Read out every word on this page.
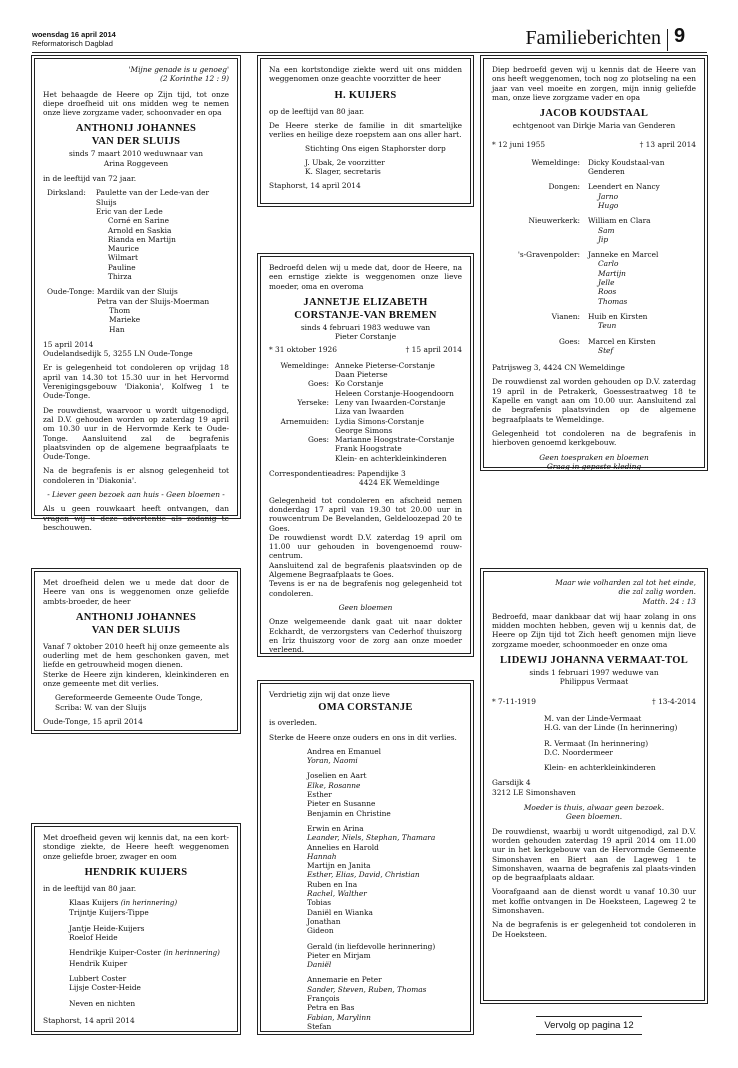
woensdag 16 april 2014
Reformatorisch Dagblad	Familieberichten 9
'Mijne genade is u genoeg'
(2 Korinthe 12 : 9)

Het behaagde de Heere op Zijn tijd, tot onze diepe droefheid uit ons midden weg te nemen onze lieve zorgzame vader, schoonvader en opa

ANTHONIJ JOHANNES
VAN DER SLUIJS
sinds 7 maart 2010 weduwnaar van
Arina Roggeveen

in de leeftijd van 72 jaar.

Dirksland:	Paulette van der Lede-van der Sluijs
Eric van der Lede
Corné en Sarine
Arnold en Saskia
Rianda en Martijn
Maurice
Wilmart
Pauline
Thirza
Oude-Tonge: Mardik van der Sluijs
Petra van der Sluijs-Moerman
Thom
Marieke
Han
15 april 2014

Oudelandsedijk 5, 3255 LN Oude-Tonge

Er is gelegenheid tot condoleren op vrijdag 18 april van 14.30 tot 15.30 uur in het Hervormd Verenigingsgebouw 'Diakonia', Kolfweg 1 te Oude-Tonge.

De rouwdienst, waarvoor u wordt uitgenodigd, zal D.V. gehouden worden op zaterdag 19 april om 10.30 uur in de Hervormde Kerk te Oude-Tonge. Aansluitend zal de begrafenis plaatsvinden op de algemene begraafplaats te Oude-Tonge.

Na de begrafenis is er alsnog gelegenheid tot condoleren in 'Diakonia'.

- Liever geen bezoek aan huis - Geen bloemen -

Als u geen rouwkaart heeft ontvangen, dan vragen wij u deze advertentie als zodanig te beschouwen.

Met droefheid delen we u mede dat door de Heere van ons is weggenomen onze geliefde ambts-broeder, de heer

ANTHONIJ JOHANNES
VAN DER SLUIJS

Vanaf 7 oktober 2010 heeft hij onze gemeente als ouderling met de hem geschonken gaven, met liefde en getrouwheid mogen dienen.

Sterke de Heere zijn kinderen, kleinkinderen en onze gemeente met dit verlies.

Gereformeerde Gemeente Oude Tonge,
Scriba: W. van der Sluijs
Oude-Tonge, 15 april 2014

Met droefheid geven wij kennis dat, na een kort-stondige ziekte, de Heere heeft weggenomen onze geliefde broer, zwager en oom

HENDRIK KUIJERS

in de leeftijd van 80 jaar.

Klaas Kuijers (in herinnering)
Trijntje Kuijers-Tippe
Jantje Heide-Kuijers
Roelof Heide
Hendrikje Kuiper-Coster (in herinnering)
Hendrik Kuiper
Lubbert Coster
Lijsje Coster-Heide
Neven en nichten
Staphorst, 14 april 2014

Na een kortstondige ziekte werd uit ons midden weggenomen onze geachte voorzitter de heer

H. KUIJERS

op de leeftijd van 80 jaar.

De Heere sterke de familie in dit smartelijke verlies en heilige deze roepstem aan ons aller hart.

Stichting Ons eigen Staphorster dorp
J. Ubak, 2e voorzitter
K. Slager, secretaris
Staphorst, 14 april 2014

Bedroefd delen wij u mede dat, door de Heere, na een ernstige ziekte is weggenomen onze lieve moeder, oma en overoma

JANNETJE ELIZABETH
CORSTANJE-VAN BREMEN
sinds 4 februari 1983 weduwe van
Pieter Corstanje
* 31 oktober 1926	† 15 april 2014
Wemeldinge: Anneke Pieterse-Corstanje
Daan Pieterse
Goes: Ko Corstanje
Heleen Corstanje-Hoogendoorn
Yerseke: Leny van Iwaarden-Corstanje
Liza van Iwaarden
Arnemuiden: Lydia Simons-Corstanje
George Simons
Goes: Marianne Hoogstrate-Corstanje
Frank Hoogstrate
Klein- en achterkleinkinderen
Correspondentieadres: Papendijke 3
4424 EK Wemeldinge
Gelegenheid tot condoleren en afscheid nemen donderdag 17 april van 19.30 tot 20.00 uur in rouwcentrum De Bevelanden, Geldeloozepad 20 te Goes.
De rouwdienst wordt D.V. zaterdag 19 april om 11.00 uur gehouden in bovengenoemd rouw-centrum.
Aansluitend zal de begrafenis plaatsvinden op de Algemene Begraafplaats te Goes.
Tevens is er na de begrafenis nog gelegenheid tot condoleren.
Geen bloemen
Onze welgemeende dank gaat uit naar dokter Eckhardt, de verzorgsters van Cederhof thuiszorg en Iriz thuiszorg voor de zorg aan onze moeder verleend.

Verdrietig zijn wij dat onze lieve

OMA CORSTANJE

is overleden.

Sterke de Heere onze ouders en ons in dit verlies.

Andrea en Emanuel
Yoran, Naomi
Joselien en Aart
Elke, Rosanne
Esther
Pieter en Susanne
Benjamin en Christine
Erwin en Arina
Leander, Niels, Stephan, Thamara
Annelies en Harold
Hannah
Martijn en Janita
Esther, Elias, David, Christian
Ruben en Ina
Rachel, Walther
Tobias
Daniël en Wianka
Jonathan
Gideon
Gerald (in liefdevolle herinnering)
Pieter en Mirjam
Daniël
Annemarie en Peter
Sander, Steven, Ruben, Thomas
François
Petra en Bas
Fabian, Marylinn
Stefan

Diep bedroefd geven wij u kennis dat de Heere van ons heeft weggenomen, toch nog zo plotseling na een jaar van veel moeite en zorgen, mijn innig geliefde man, onze lieve zorgzame vader en opa

JACOB KOUDSTAAL
echtgenoot van Dirkje Maria van Genderen
* 12 juni 1955	† 13 april 2014
Wemeldinge:	Dicky Koudstaal-van Genderen
Dongen:	Leendert en Nancy
Jarno
Hugo
Nieuwerkerk:	William en Clara
Sam
Jip
's-Gravenpolder:	Janneke en Marcel
Carlo
Martijn
Jelle
Roos
Thomas
Vianen:	Huib en Kirsten
Teun
Goes:	Marcel en Kirsten
Stef

Patrijsweg 3, 4424 CN Wemeldinge

De rouwdienst zal worden gehouden op D.V. zaterdag 19 april in de Petrakerk, Goessestraatweg 18 te Kapelle en vangt aan om 10.00 uur. Aansluitend zal de begrafenis plaatsvinden op de algemene begraafplaats te Wemeldinge.

Gelegenheid tot condoleren na de begrafenis in hierboven genoemd kerkgebouw.

Geen toespraken en bloemen
Graag in gepaste kleding
Maar wie volharden zal tot het einde,
die zal zalig worden.
Matth. 24 : 13

Bedroefd, maar dankbaar dat wij haar zolang in ons midden mochten hebben, geven wij u kennis dat, de Heere op Zijn tijd tot Zich heeft genomen mijn lieve zorgzame moeder, schoonmoeder en onze oma

LIDEWIJ JOHANNA VERMAAT-TOL
sinds 1 februari 1997 weduwe van
Philippus Vermaat
* 7-11-1919	† 13-4-2014
M. van der Linde-Vermaat
H.G. van der Linde (In herinnering)
R. Vermaat (In herinnering)
D.C. Noordermeer
Klein- en achterkleinkinderen
Garsdijk 4
3212 LE Simonshaven
Moeder is thuis, alwaar geen bezoek.
Geen bloemen.

De rouwdienst, waarbij u wordt uitgenodigd, zal D.V. worden gehouden zaterdag 19 april 2014 om 11.00 uur in het kerkgebouw van de Hervormde Gemeente Simonshaven en Biert aan de Lageweg 1 te Simonshaven, waarna de begrafenis zal plaats-vinden op de begraafplaats aldaar.

Voorafgaand aan de dienst wordt u vanaf 10.30 uur met koffie ontvangen in De Hoeksteen, Lageweg 2 te Simonshaven.

Na de begrafenis is er gelegenheid tot condoleren in De Hoeksteen.

Vervolg op pagina 12
